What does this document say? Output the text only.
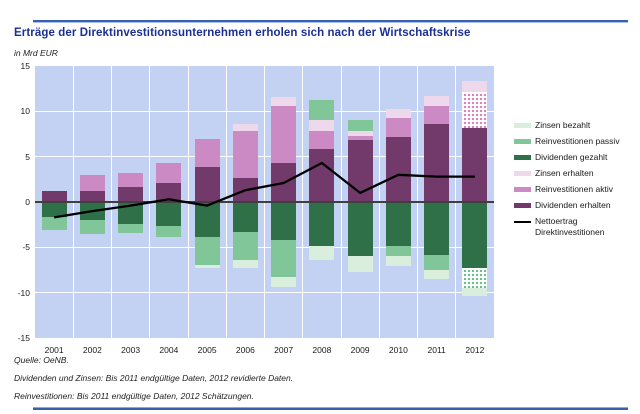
Erträge der Direktinvestitionsunternehmen erholen sich nach der Wirtschaftskrise
in Mrd EUR
15
10
5
0
-5
-10
-15
2001	2002	2003	2004	2005	2006	2007	2008	2009	2010	2011	2012
Zinsen bezahlt
Reinvestitionen passiv
Dividenden gezahlt
Zinsen erhalten
Reinvestitionen aktiv
Dividenden erhalten
Nettoertrag Direktinvestitionen
Quelle: OeNB.
Dividenden und Zinsen: Bis 2011 endgültige Daten, 2012 revidierte Daten.
Reinvestitionen: Bis 2011 endgültige Daten, 2012 Schätzungen.
